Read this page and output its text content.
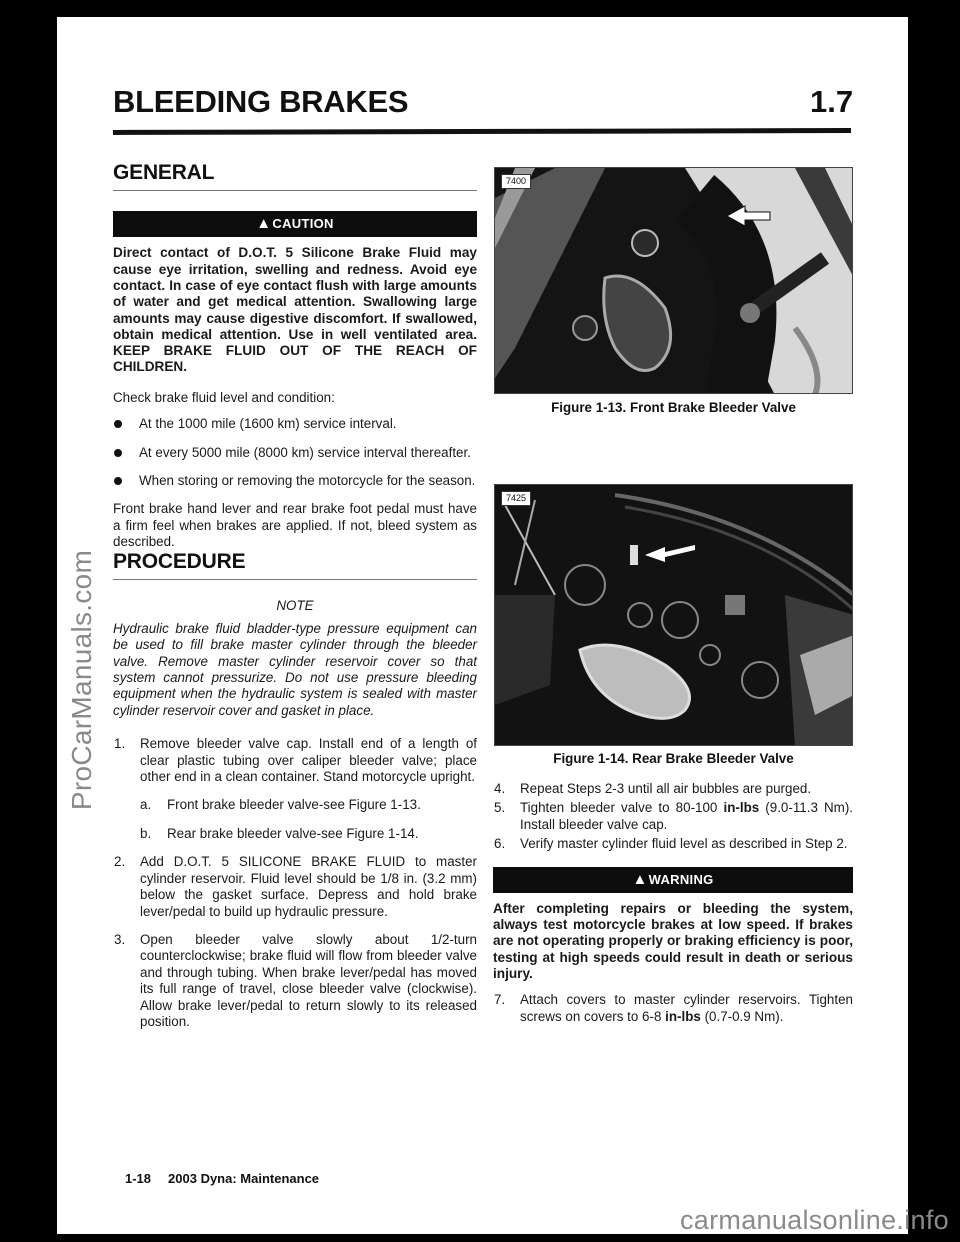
ProCarManuals.com
carmanualsonline.info
BLEEDING BRAKES	1.7
GENERAL
▲CAUTION
Direct contact of D.O.T. 5 Silicone Brake Fluid may cause eye irritation, swelling and redness. Avoid eye contact. In case of eye contact flush with large amounts of water and get medical attention. Swallowing large amounts may cause digestive discomfort. If swallowed, obtain medical attention. Use in well ventilated area. KEEP BRAKE FLUID OUT OF THE REACH OF CHILDREN.

Check brake fluid level and condition:

At the 1000 mile (1600 km) service interval.
At every 5000 mile (8000 km) service interval thereafter.
When storing or removing the motorcycle for the season.

Front brake hand lever and rear brake foot pedal must have a firm feel when brakes are applied. If not, bleed system as described.

PROCEDURE
NOTE
Hydraulic brake fluid bladder-type pressure equipment can be used to fill brake master cylinder through the bleeder valve. Remove master cylinder reservoir cover so that system cannot pressurize. Do not use pressure bleeding equipment when the hydraulic system is sealed with master cylinder reservoir cover and gasket in place.
1. Remove bleeder valve cap. Install end of a length of clear plastic tubing over caliper bleeder valve; place other end in a clean container. Stand motorcycle upright.
a. Front brake bleeder valve-see Figure 1-13.
b. Rear brake bleeder valve-see Figure 1-14.
2. Add D.O.T. 5 SILICONE BRAKE FLUID to master cylinder reservoir. Fluid level should be 1/8 in. (3.2 mm) below the gasket surface. Depress and hold brake lever/pedal to build up hydraulic pressure.
3. Open bleeder valve slowly about 1/2-turn counterclockwise; brake fluid will flow from bleeder valve and through tubing. When brake lever/pedal has moved its full range of travel, close bleeder valve (clockwise). Allow brake lever/pedal to return slowly to its released position.
7400
Figure 1-13. Front Brake Bleeder Valve
7425
Figure 1-14. Rear Brake Bleeder Valve
4. Repeat Steps 2-3 until all air bubbles are purged.
5. Tighten bleeder valve to 80-100 in-lbs (9.0-11.3 Nm). Install bleeder valve cap.
6. Verify master cylinder fluid level as described in Step 2.
▲WARNING
After completing repairs or bleeding the system, always test motorcycle brakes at low speed. If brakes are not operating properly or braking efficiency is poor, testing at high speeds could result in death or serious injury.
7. Attach covers to master cylinder reservoirs. Tighten screws on covers to 6-8 in-lbs (0.7-0.9 Nm).
1-18 2003 Dyna: Maintenance
